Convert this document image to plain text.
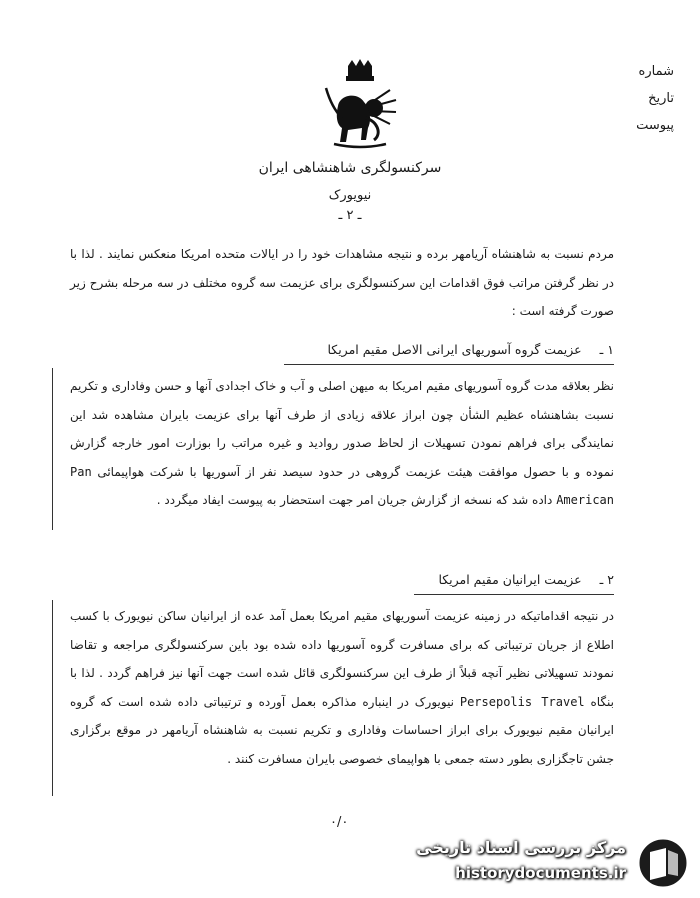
شماره
تاریخ
پیوست
سرکنسولگری شاهنشاهی ایران
نیویورک
ـ ۲ ـ
مردم نسبت به شاهنشاه آریامهر برده و نتیجه مشاهدات خود را در ایالات متحده امریکا منعکس نمایند . لذا با در نظر گرفتن مراتب فوق اقدامات این سرکنسولگری برای عزیمت سه گروه مختلف در سه مرحله بشرح زیر صورت گرفته است :
۱ ـ
عزیمت گروه آسوریهای ایرانی الاصل مقیم امریکا
نظر بعلاقه مدت گروه آسوریهای مقیم امریکا به میهن اصلی و آب و خاک اجدادی آنها و حسن وفاداری و تکریم نسبت بشاهنشاه عظیم الشأن چون ابراز علاقه زیادی از طرف آنها برای عزیمت بایران مشاهده شد این نمایندگی برای فراهم نمودن تسهیلات از لحاظ صدور روادید و غیره مراتب را بوزارت امور خارجه گزارش نموده و با حصول موافقت هیئت عزیمت گروهی در حدود سیصد نفر از آسوریها با شرکت هواپیمائی Pan American داده شد که نسخه از گزارش جریان امر جهت استحضار به پیوست ایفاد میگردد .
۲ ـ
عزیمت ایرانیان مقیم امریکا
در نتیجه اقداماتیکه در زمینه عزیمت آسوریهای مقیم امریکا بعمل آمد عده از ایرانیان ساکن نیویورک با کسب اطلاع از جریان ترتیباتی که برای مسافرت گروه آسوریها داده شده بود باین سرکنسولگری مراجعه و تقاضا نمودند تسهیلاتی نظیر آنچه قبلاً از طرف این سرکنسولگری قائل شده است جهت آنها نیز فراهم گردد . لذا با بنگاه Persepolis Travel نیویورک در اینباره مذاکره بعمل آورده و ترتیباتی داده شده است که گروه ایرانیان مقیم نیویورک برای ابراز احساسات وفاداری و تکریم نسبت به شاهنشاه آریامهر در موقع برگزاری جشن تاجگزاری بطور دسته جمعی با هواپیمای خصوصی بایران مسافرت کنند .
۰/۰
مرکز بررسی اسناد تاریخی
historydocuments.ir
